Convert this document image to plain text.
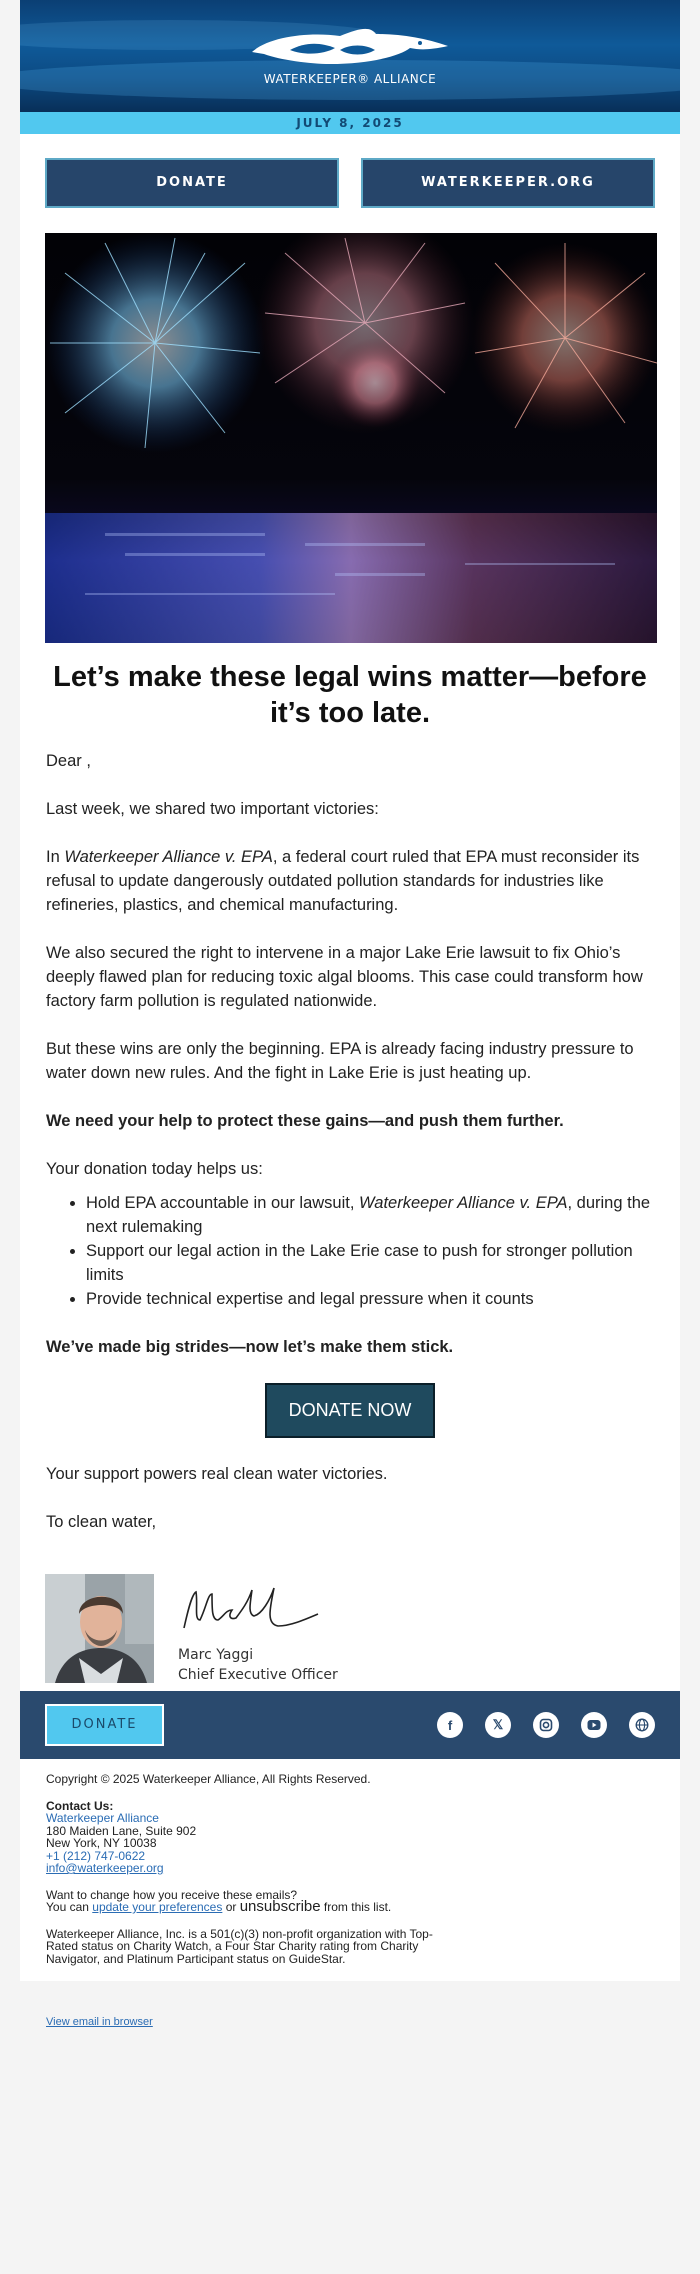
WATERKEEPER® ALLIANCE
JULY 8, 2025
DONATE	WATERKEEPER.ORG
Let’s make these legal wins matter—before it’s too late.

Dear ,

Last week, we shared two important victories:

In Waterkeeper Alliance v. EPA, a federal court ruled that EPA must reconsider its refusal to update dangerously outdated pollution standards for industries like refineries, plastics, and chemical manufacturing.

We also secured the right to intervene in a major Lake Erie lawsuit to fix Ohio’s deeply flawed plan for reducing toxic algal blooms. This case could transform how factory farm pollution is regulated nationwide.

But these wins are only the beginning. EPA is already facing industry pressure to water down new rules. And the fight in Lake Erie is just heating up.

We need your help to protect these gains—and push them further.

Your donation today helps us:

• Hold EPA accountable in our lawsuit, Waterkeeper Alliance v. EPA, during the next rulemaking
• Support our legal action in the Lake Erie case to push for stronger pollution limits
• Provide technical expertise and legal pressure when it counts

We’ve made big strides—now let’s make them stick.

DONATE NOW

Your support powers real clean water victories.

To clean water,

Marc Yaggi
Chief Executive Officer
DONATE	f	𝕏
Copyright © 2025 Waterkeeper Alliance, All Rights Reserved.
Contact Us:
Waterkeeper Alliance
180 Maiden Lane, Suite 902
New York, NY 10038
+1 (212) 747-0622
info@waterkeeper.org
Want to change how you receive these emails?
You can update your preferences or unsubscribe from this list.
Waterkeeper Alliance, Inc. is a 501(c)(3) non-profit organization with Top-Rated status on Charity Watch, a Four Star Charity rating from Charity Navigator, and Platinum Participant status on GuideStar.
View email in browser
